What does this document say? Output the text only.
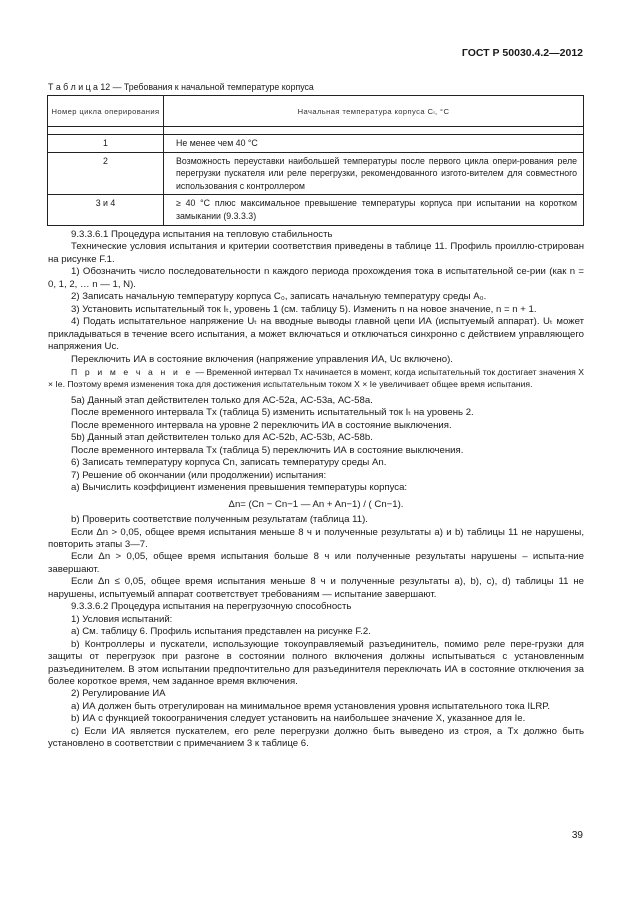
ГОСТ Р 50030.4.2—2012
Т а б л и ц а 12 — Требования к начальной температуре корпуса
Номер цикла оперирования	Начальная температура корпуса Cₗ, °C

1	Не менее чем 40 °C
2	Возможность переуставки наибольшей температуры после первого цикла опери-рования реле перегрузки пускателя или реле перегрузки, рекомендованного изгото-вителем для совместного использования с контроллером
3 и 4	≥ 40 °C плюс максимальное превышение температуры корпуса при испытании на коротком замыкании (9.3.3.3)

9.3.3.6.1 Процедура испытания на тепловую стабильность

Технические условия испытания и критерии соответствия приведены в таблице 11. Профиль проиллю-стрирован на рисунке F.1.

1) Обозначить число последовательности n каждого периода прохождения тока в испытательной се-рии (как n = 0, 1, 2, … n — 1, N).

2) Записать начальную температуру корпуса C₀, записать начальную температуру среды A₀.

3) Установить испытательный ток Iₜ, уровень 1 (см. таблицу 5). Изменить n на новое значение, n = n + 1.

4) Подать испытательное напряжение Uₜ на вводные выводы главной цепи ИА (испытуемый аппарат). Uₜ может прикладываться в течение всего испытания, а может включаться и отключаться синхронно с действием управляющего напряжения Uc.

Переключить ИА в состояние включения (напряжение управления ИА, Uc включено).

П р и м е ч а н и е — Временной интервал Tx начинается в момент, когда испытательный ток достигает значения X × Ie. Поэтому время изменения тока для достижения испытательным током X × Ie увеличивает общее время испытания.

5a) Данный этап действителен только для АС-52а, АС-53а, АС-58а.

После временного интервала Tx (таблица 5) изменить испытательный ток Iₜ на уровень 2.

После временного интервала на уровне 2 переключить ИА в состояние выключения.

5b) Данный этап действителен только для АС-52b, АС-53b, АС-58b.

После временного интервала Tx (таблица 5) переключить ИА в состояние выключения.

6) Записать температуру корпуса Cn, записать температуру среды An.

7) Решение об окончании (или продолжении) испытания:

а) Вычислить коэффициент изменения превышения температуры корпуса:

Δn= (Cn − Cn−1 — An + An−1) / ( Cn−1).

b) Проверить соответствие полученным результатам (таблица 11).

Если Δn > 0,05, общее время испытания меньше 8 ч и полученные результаты а) и b) таблицы 11 не нарушены, повторить этапы 3—7.

Если Δn > 0,05, общее время испытания больше 8 ч или полученные результаты нарушены – испыта-ние завершают.

Если Δn ≤ 0,05, общее время испытания меньше 8 ч и полученные результаты а), b), c), d) таблицы 11 не нарушены, испытуемый аппарат соответствует требованиям — испытание завершают.

9.3.3.6.2 Процедура испытания на перегрузочную способность

1) Условия испытаний:

а) См. таблицу 6. Профиль испытания представлен на рисунке F.2.

b) Контроллеры и пускатели, использующие токоуправляемый разъединитель, помимо реле пере-грузки для защиты от перегрузок при разгоне в состоянии полного включения должны испытываться с установленным разъединителем. В этом испытании предпочтительно для разъединителя переключать ИА в состояние отключения за более короткое время, чем заданное время включения.

2) Регулирование ИА

а) ИА должен быть отрегулирован на минимальное время установления уровня испытательного тока ILRP.

b) ИА с функцией токоограничения следует установить на наибольшее значение X, указанное для Ie.

c) Если ИА является пускателем, его реле перегрузки должно быть выведено из строя, а Tx должно быть установлено в соответствии с примечанием 3 к таблице 6.

39
